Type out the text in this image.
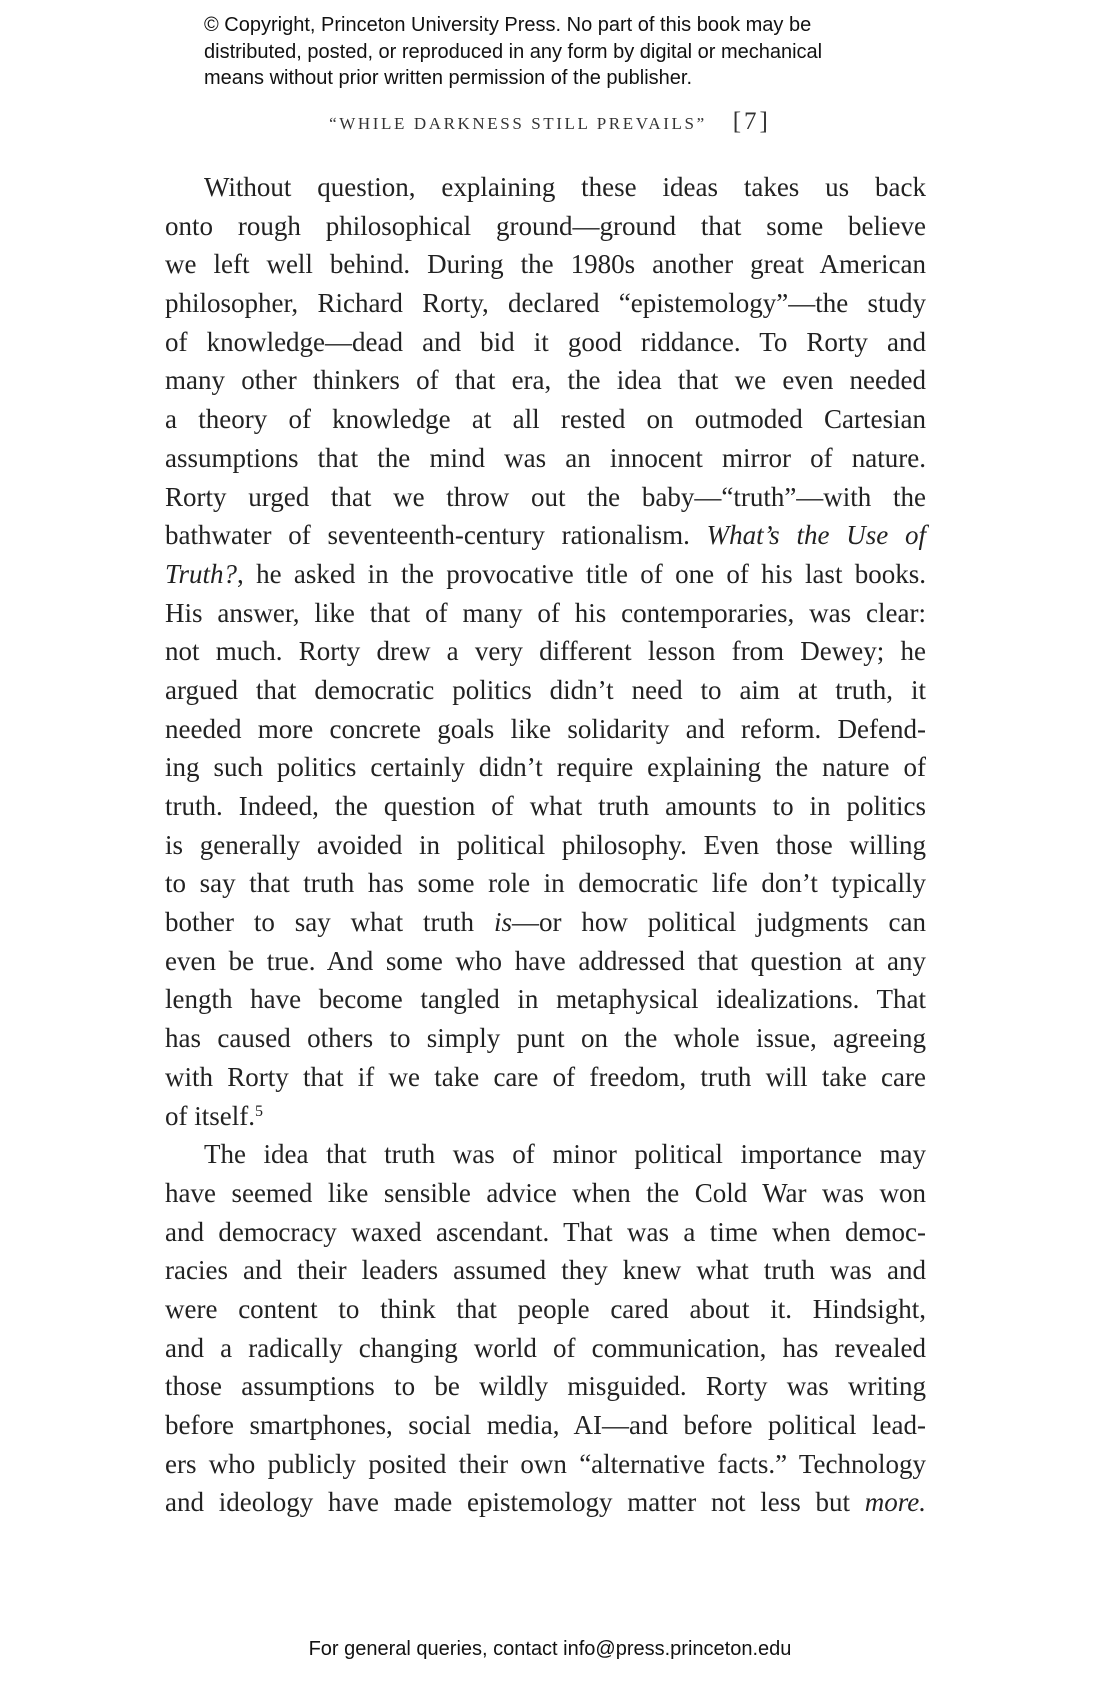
© Copyright, Princeton University Press. No part of this book may be
distributed, posted, or reproduced in any form by digital or mechanical
means without prior written permission of the publisher.
“WHILE DARKNESS STILL PREVAILS” [7]
Without question, explaining these ideas takes us back
onto rough philosophical ground—ground that some believe
we left well behind. During the 1980s another great American
philosopher, Richard Rorty, declared “epistemology”—the study
of knowledge—dead and bid it good riddance. To Rorty and
many other thinkers of that era, the idea that we even needed
a theory of knowledge at all rested on outmoded Cartesian
assumptions that the mind was an innocent mirror of nature.
Rorty urged that we throw out the baby—“truth”—with the
bathwater of seventeenth-century rationalism. What’s the Use of
Truth?, he asked in the provocative title of one of his last books.
His answer, like that of many of his contemporaries, was clear:
not much. Rorty drew a very different lesson from Dewey; he
argued that democratic politics didn’t need to aim at truth, it
needed more concrete goals like solidarity and reform. Defend-
ing such politics certainly didn’t require explaining the nature of
truth. Indeed, the question of what truth amounts to in politics
is generally avoided in political philosophy. Even those willing
to say that truth has some role in democratic life don’t typically
bother to say what truth is—or how political judgments can
even be true. And some who have addressed that question at any
length have become tangled in metaphysical idealizations. That
has caused others to simply punt on the whole issue, agreeing
with Rorty that if we take care of freedom, truth will take care
of itself.$^5$
The idea that truth was of minor political importance may
have seemed like sensible advice when the Cold War was won
and democracy waxed ascendant. That was a time when democ-
racies and their leaders assumed they knew what truth was and
were content to think that people cared about it. Hindsight,
and a radically changing world of communication, has revealed
those assumptions to be wildly misguided. Rorty was writing
before smartphones, social media, AI—and before political lead-
ers who publicly posited their own “alternative facts.” Technology
and ideology have made epistemology matter not less but more.
For general queries, contact info@press.princeton.edu
